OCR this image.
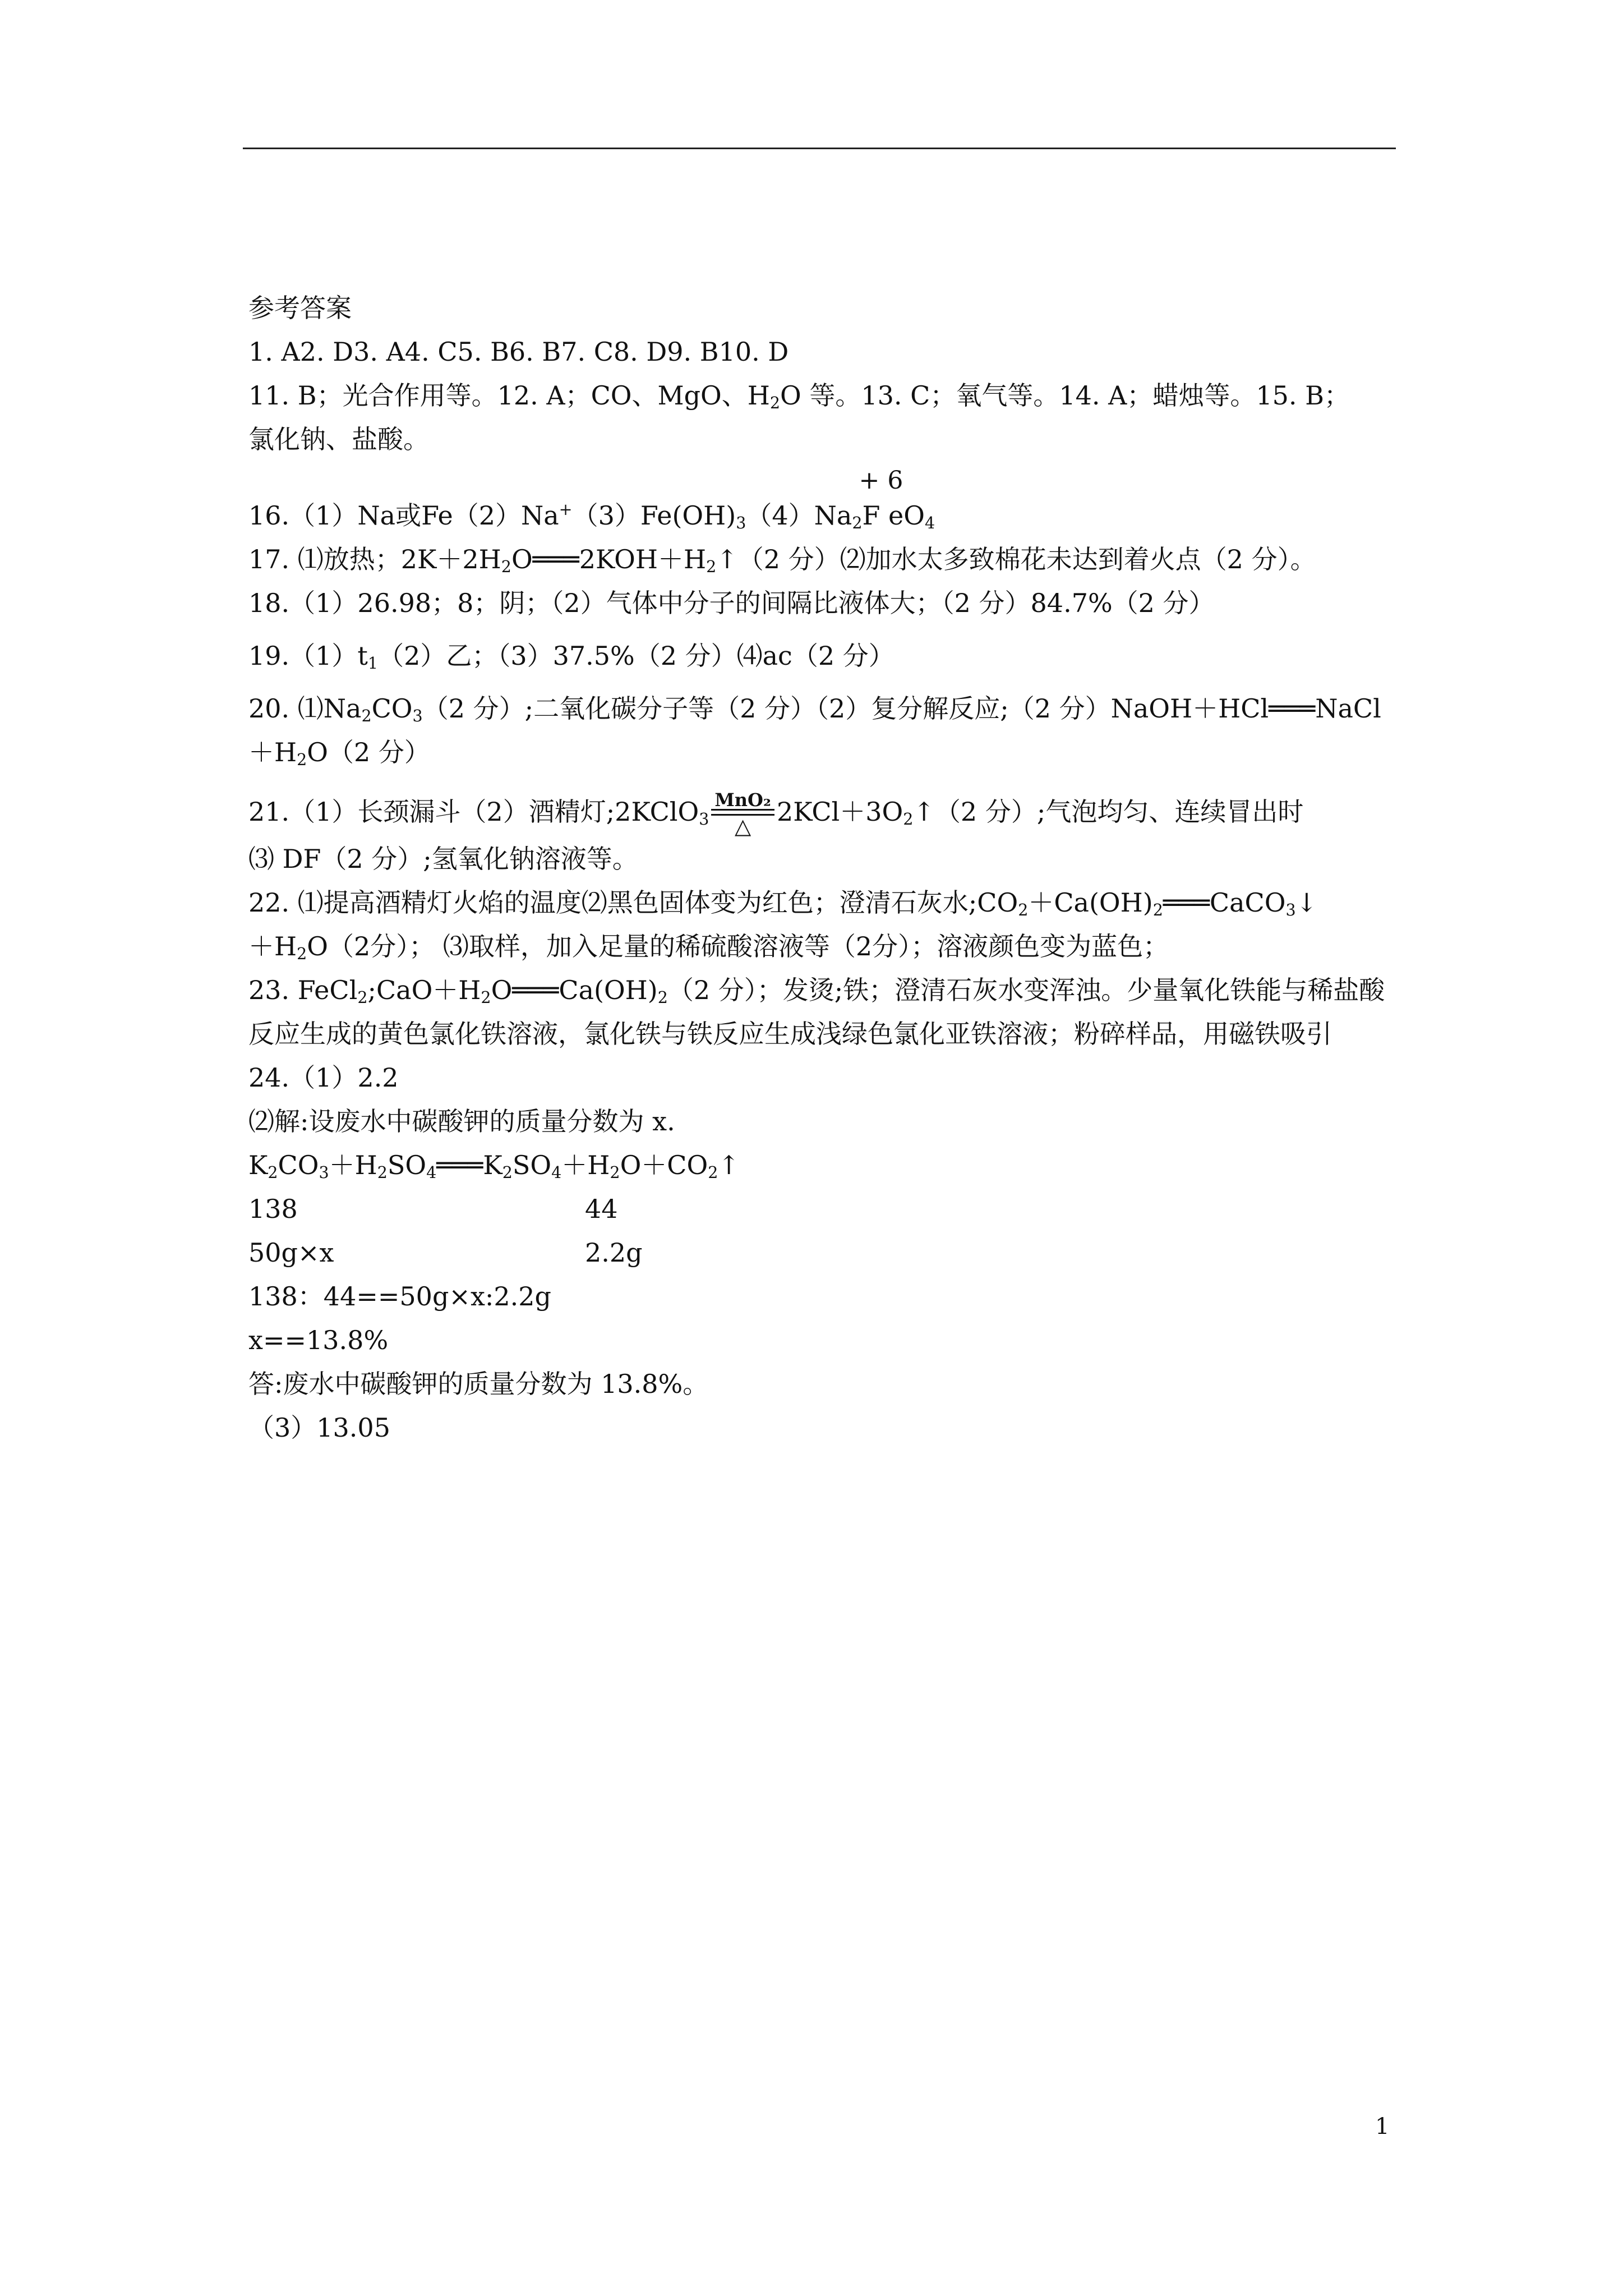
参考答案
1. A2. D3. A4. C5. B6. B7. C8. D9. B10. D
11. B；光合作用等。12. A；CO、MgO、$H_2O$ 等。13. C；氧气等。14. A；蜡烛等。15. B；
氯化钠、盐酸。
16.（1）Na或$Fe(2)Na^+(3)Fe(OH)_3(4)Na_2$
+ 6
F $eO_4$
17. ⑴放热；$2K+2H_2O═══2KOH+H_2↑(2$ 分）⑵加水太多致棉花未达到着火点（2 分）。
18.（1）26.98；8；阴；（2）气体中分子的间隔比液体大；（2 分）84.7%（2 分）
$19.(1)t_1(2)$乙；（3）37.5%（2 分）⑷ac（2 分）
20. $⑴Na_2CO_3(2$ 分）;二氧化碳分子等（2 分）（2）复分解反应;（2 分）NaOH＋HCl═══NaCl
$+H_2O(2$ 分）
21.（1）长颈漏斗（2）酒精灯;2KClO$_3$
MnO₂
△ $2KCl+3O_2↑(2$ 分）;气泡均匀、连续冒出时
⑶ DF（2 分）;氢氧化钠溶液等。
22. ⑴提高酒精灯火焰的温度⑵黑色固体变为红色；澄清石灰水$;CO_2+Ca(OH)_2═══CaCO_3↓$
$+H_2O(2$分）； ⑶取样，加入足量的稀硫酸溶液等（2分）；溶液颜色变为蓝色；
23. $FeCl_2;CaO+H_2O═══Ca(OH)_2(2$ 分）；发烫;铁；澄清石灰水变浑浊。少量氧化铁能与稀盐酸反应生成的黄色氯化铁溶液，氯化铁与铁反应生成浅绿色氯化亚铁溶液；粉碎样品，用磁铁吸引
24.（1）2.2
⑵解:设废水中碳酸钾的质量分数为 x.
$K_2CO_3+H_2SO_4═══K_2SO_4+H_2O+CO_2↑$
138	44
50g×x	2.2g
138：44==50g×x:2.2g
x==13.8%
答:废水中碳酸钾的质量分数为 13.8%。
（3）13.05
1
